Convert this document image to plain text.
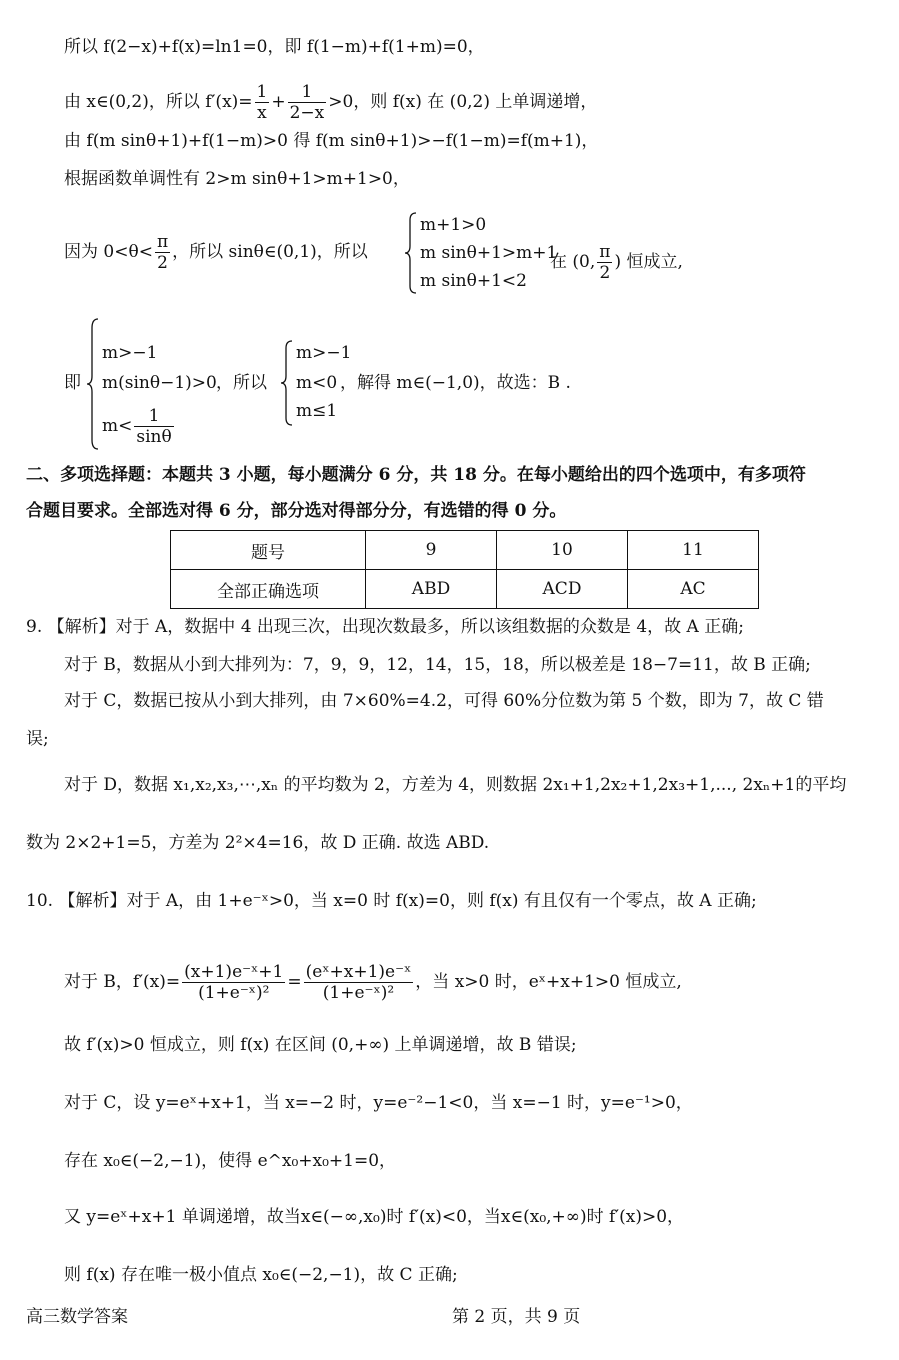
所以 f(2−x)+f(x)=ln1=0，即 f(1−m)+f(1+m)=0，
由 x∈(0,2)，所以 $f'(x)= \frac{1}{x} + \frac{1}{2-x} >0$，则 f(x) 在 (0,2) 上单调递增，
由 f(m sinθ+1)+f(1−m)>0 得 f(m sinθ+1)>−f(1−m)=f(m+1)，
根据函数单调性有 2>m sinθ+1>m+1>0，
因为 $0<\theta< \frac{\pi}{2}$ ，所以 sinθ∈(0,1)，所以
m+1>0
m sinθ+1>m+1
m sinθ+1<2
在 (0, $\frac{\pi}{2}$ ) 恒成立,
即
m>−1
m(sinθ−1)>0
$m< \frac{1}{\sin\theta}$
，所以
m>−1
m<0
m≤1
，解得 m∈(−1,0)，故选：B .
二、多项选择题：本题共 3 小题，每小题满分 6 分，共 18 分。在每小题给出的四个选项中，有多项符
合题目要求。全部选对得 6 分，部分选对得部分分，有选错的得 0 分。
题号	9	10	11
全部正确选项	ABD	ACD	AC
9. 【解析】对于 A，数据中 4 出现三次，出现次数最多，所以该组数据的众数是 4，故 A 正确;
对于 B，数据从小到大排列为：7，9，9，12，14，15，18，所以极差是 18−7=11，故 B 正确;
对于 C，数据已按从小到大排列，由 7×60%=4.2，可得 60%分位数为第 5 个数，即为 7，故 C 错
误;
对于 D，数据 x₁,x₂,x₃,⋯,xₙ 的平均数为 2，方差为 4，则数据 2x₁+1,2x₂+1,2x₃+1,..., 2xₙ+1的平均
数为 2×2+1=5，方差为 2²×4=16，故 D 正确. 故选 ABD.
10. 【解析】对于 A，由 1+e⁻ˣ>0，当 x=0 时 f(x)=0，则 f(x) 有且仅有一个零点，故 A 正确;
对于 B，$f'(x)= \frac{\text{(x+1)e⁻ˣ+1}}{\text{(1+e⁻ˣ)²}} = \frac{\text{(eˣ+x+1)e⁻ˣ}}{\text{(1+e⁻ˣ)²}}$ ，当 x>0 时，eˣ+x+1>0 恒成立,
故 f′(x)>0 恒成立，则 f(x) 在区间 (0,+∞) 上单调递增，故 B 错误;
对于 C，设 y=eˣ+x+1，当 x=−2 时，y=e⁻²−1<0，当 x=−1 时，y=e⁻¹>0，
存在 x₀∈(−2,−1)，使得 e^x₀+x₀+1=0，
又 y=eˣ+x+1 单调递增，故当x∈(−∞,x₀)时 f′(x)<0，当x∈(x₀,+∞)时 f′(x)>0，
则 f(x) 存在唯一极小值点 x₀∈(−2,−1)，故 C 正确;
高三数学答案	第 2 页，共 9 页
